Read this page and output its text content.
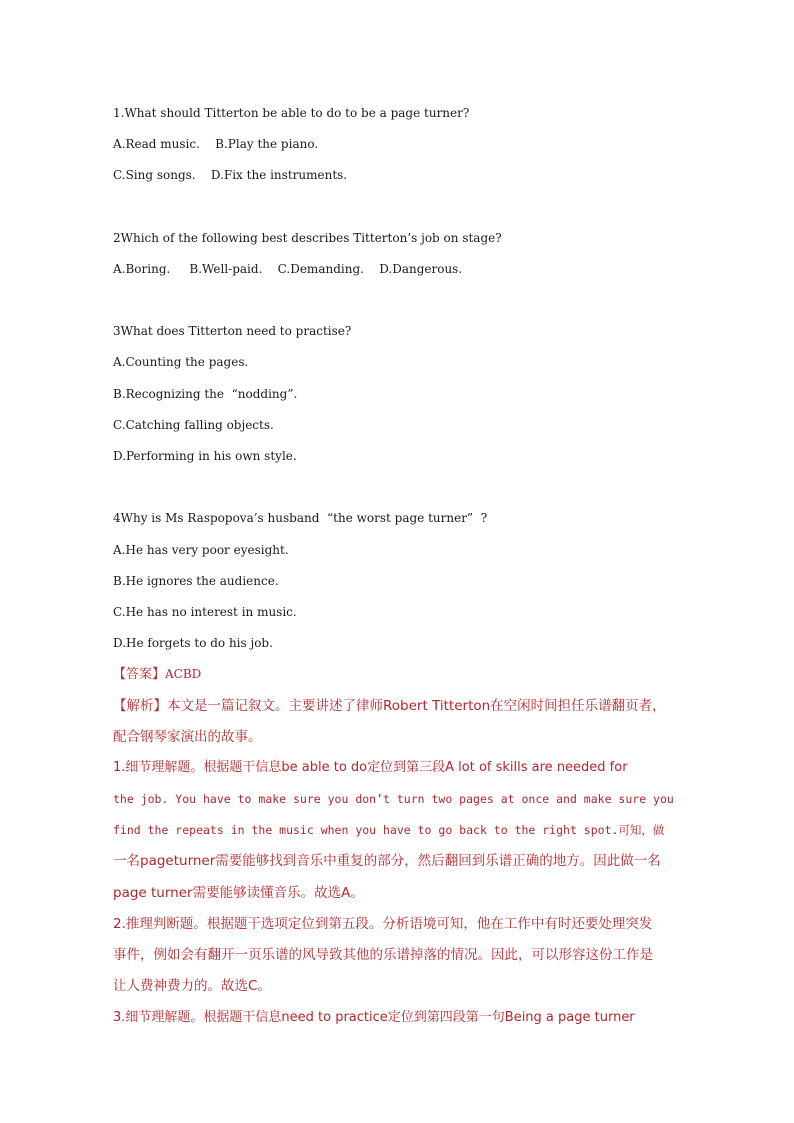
1.What should Titterton be able to do to be a page turner?
A.Read music.    B.Play the piano.
C.Sing songs.    D.Fix the instruments.
2Which of the following best describes Titterton’s job on stage?
A.Boring.     B.Well-paid.    C.Demanding.    D.Dangerous.
3What does Titterton need to practise?
A.Counting the pages.
B.Recognizing the  “nodding”.
C.Catching falling objects.
D.Performing in his own style.
4Why is Ms Raspopova’s husband  “the worst page turner”  ?
A.He has very poor eyesight.
B.He ignores the audience.
C.He has no interest in music.
D.He forgets to do his job.
【答案】ACBD
【解析】本文是一篇记叙文。主要讲述了律师Robert Titterton在空闲时间担任乐谱翻页者，
配合钢琴家演出的故事。
1.细节理解题。根据题干信息be able to do定位到第三段A lot of skills are needed for
the job. You have to make sure you don’t turn two pages at once and make sure you
find the repeats in the music when you have to go back to the right spot.可知，做
一名pageturner需要能够找到音乐中重复的部分，然后翻回到乐谱正确的地方。因此做一名
page turner需要能够读懂音乐。故选A。
2.推理判断题。根据题干选项定位到第五段。分析语境可知，他在工作中有时还要处理突发
事件，例如会有翻开一页乐谱的风导致其他的乐谱掉落的情况。因此，可以形容这份工作是
让人费神费力的。故选C。
3.细节理解题。根据题干信息need to practice定位到第四段第一句Being a page turner
